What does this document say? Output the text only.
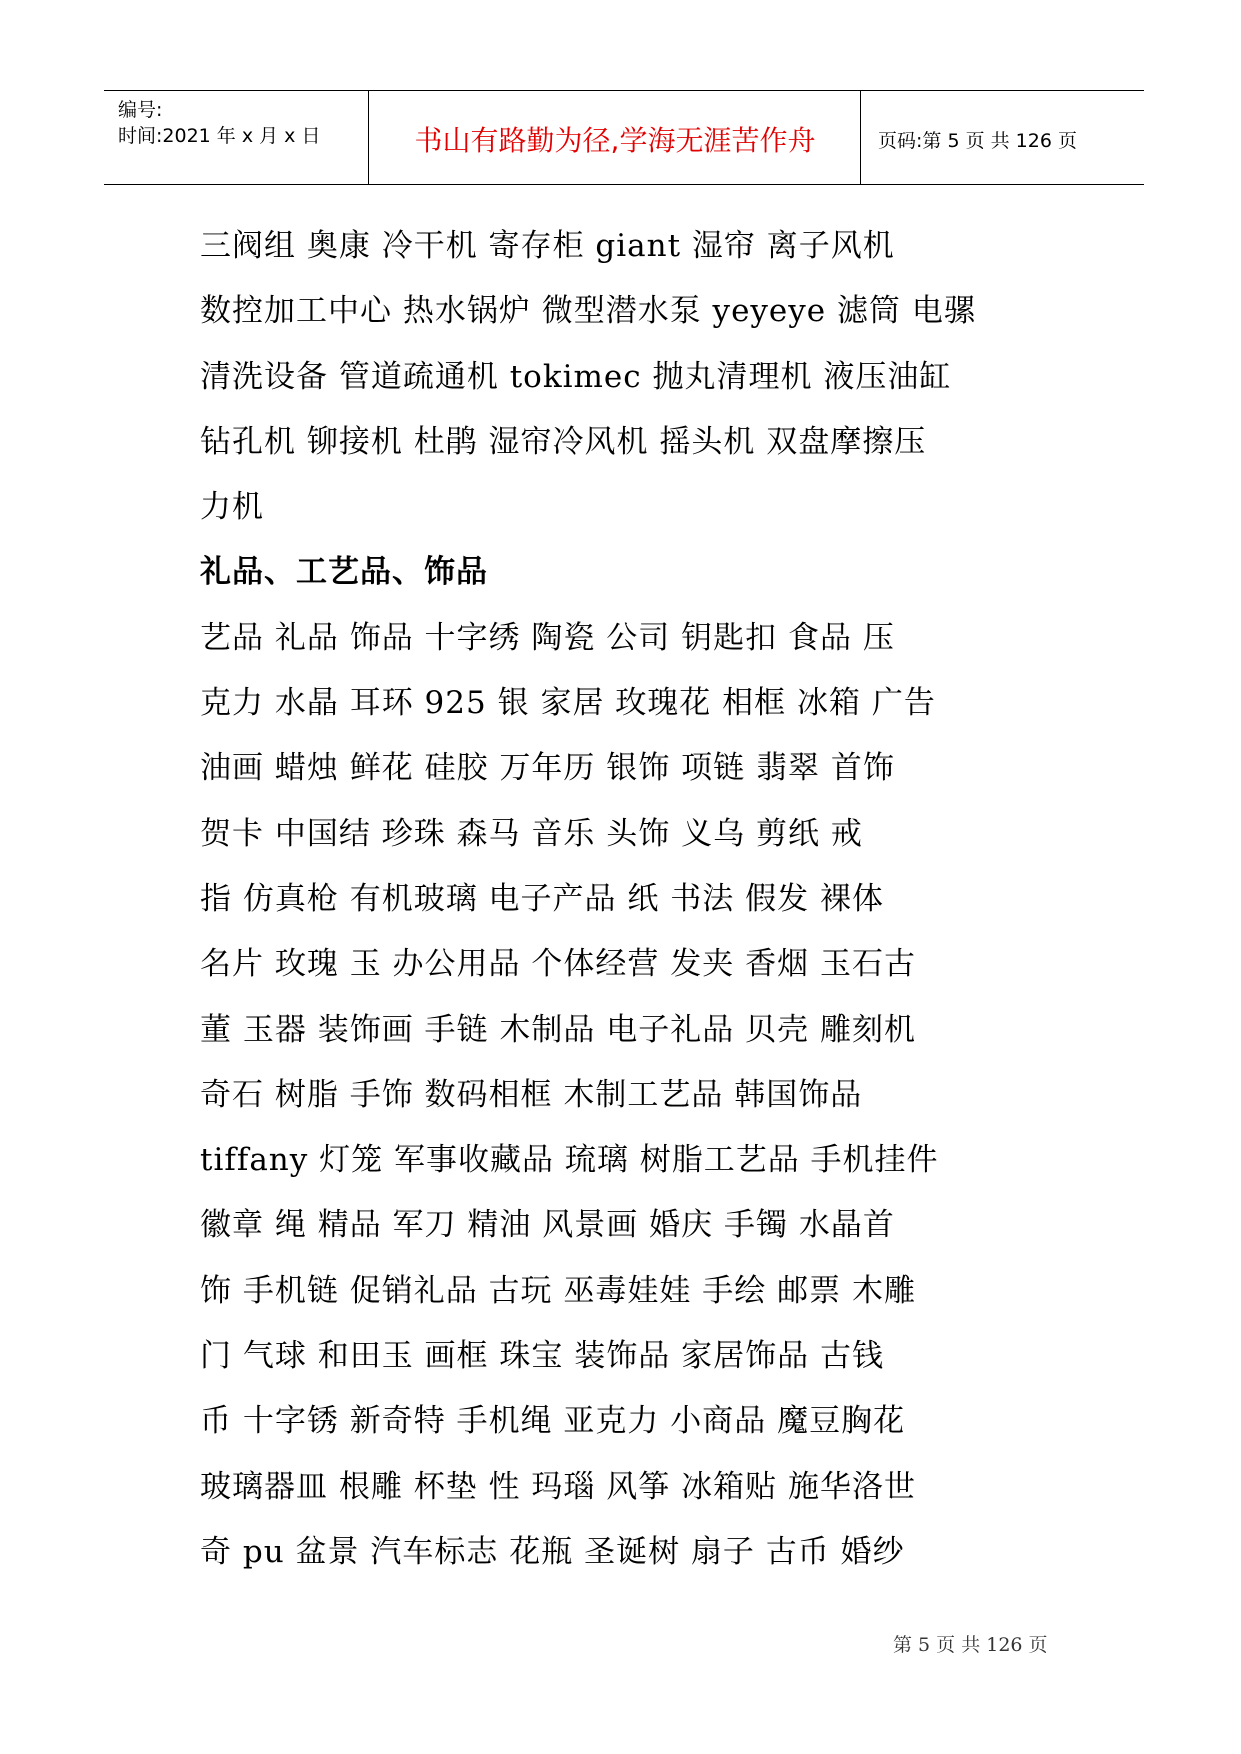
编号:
时间:2021 年 x 月 x 日	书山有路勤为径,学海无涯苦作舟	页码:第 5 页 共 126 页
三阀组 奥康 冷干机 寄存柜 giant 湿帘 离子风机
数控加工中心 热水锅炉 微型潜水泵 yeyeye 滤筒 电骡
清洗设备 管道疏通机 tokimec 抛丸清理机 液压油缸
钻孔机 铆接机 杜鹃 湿帘冷风机 摇头机 双盘摩擦压
力机
礼品、工艺品、饰品
艺品 礼品 饰品 十字绣 陶瓷 公司 钥匙扣 食品 压
克力 水晶 耳环 925 银 家居 玫瑰花 相框 冰箱 广告
油画 蜡烛 鲜花 硅胶 万年历 银饰 项链 翡翠 首饰
贺卡 中国结 珍珠 森马 音乐 头饰 义乌 剪纸 戒
指 仿真枪 有机玻璃 电子产品 纸 书法 假发 裸体
名片 玫瑰 玉 办公用品 个体经营 发夹 香烟 玉石古
董 玉器 装饰画 手链 木制品 电子礼品 贝壳 雕刻机
奇石 树脂 手饰 数码相框 木制工艺品 韩国饰品
tiffany 灯笼 军事收藏品 琉璃 树脂工艺品 手机挂件
徽章 绳 精品 军刀 精油 风景画 婚庆 手镯 水晶首
饰 手机链 促销礼品 古玩 巫毒娃娃 手绘 邮票 木雕
门 气球 和田玉 画框 珠宝 装饰品 家居饰品 古钱
币 十字锈 新奇特 手机绳 亚克力 小商品 魔豆胸花
玻璃器皿 根雕 杯垫 性 玛瑙 风筝 冰箱贴 施华洛世
奇 pu 盆景 汽车标志 花瓶 圣诞树 扇子 古币 婚纱
第 5 页 共 126 页
